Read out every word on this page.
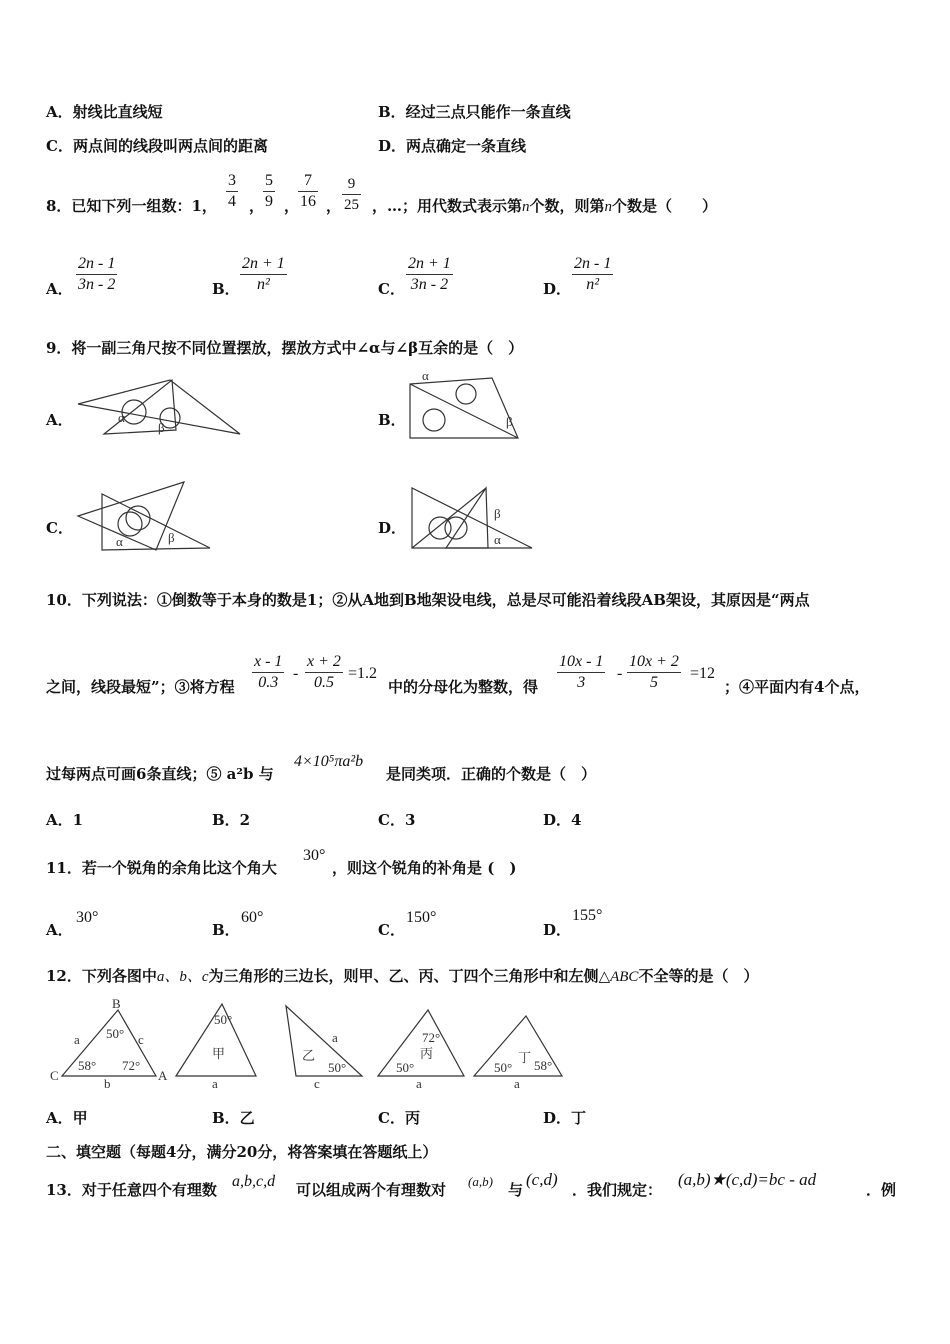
A．射线比直线短	B．经过三点只能作一条直线
C．两点间的线段叫两点间的距离	D．两点确定一条直线
8．已知下列一组数：1， $\frac{3}{4}$ ，
$\frac{5}{9}$ ，
$\frac{7}{16}$ ， $\frac{9}{25}$ ，…；用代数式表示第n个数，则第n个数是（　　）
A． $\frac{2n - 1}{3n - 2}$	B． $\frac{2n + 1}{\text{n²}}$	C． $\frac{2n + 1}{3n - 2}$	D． $\frac{2n - 1}{\text{n²}}$
9．将一副三角尺按不同位置摆放，摆放方式中∠α与∠β互余的是（　）
A．	α
β	B．
α
β
C．
α	β
D．
β
α
10．下列说法：①倒数等于本身的数是1；②从A地到B地架设电线，总是尽可能沿着线段AB架设，其原因是“两点
之间，线段最短”；③将方程 $\frac{x - 1}{0.3} - \frac{x + 2}{0.5} =1.2$
中的分母化为整数，得 $\frac{10x - 1}{3} - \frac{10x + 2}{5} =12$
；④平面内有4个点，
过每两点可画6条直线；⑤ a²b 与
4×10⁵πa²b
是同类项．正确的个数是（　）
A．1	B．2	C．3	D．4
11．若一个锐角的余角比这个角大
30°
，则这个锐角的补角是 (　)
A．
30°
B．
60°
C．
150°
D．
155°
12．下列各图中a、b、c为三角形的三边长，则甲、乙、丙、丁四个三角形中和左侧△ABC不全等的是（　）
B
C	A
a	c
b
50°
58° 72°
50°
甲
a
a
乙
50°
c
72°
丙
50°
a
50°
丁
58°
a
A．甲	B．乙	C．丙	D．丁
二、填空题（每题4分，满分20分，将答案填在答题纸上）
13．对于任意四个有理数 a,b,c,d 可以组成两个有理数对 (a,b) 与
(c,d)
．我们规定：
(a,b)★(c,d)=bc - ad
．例
